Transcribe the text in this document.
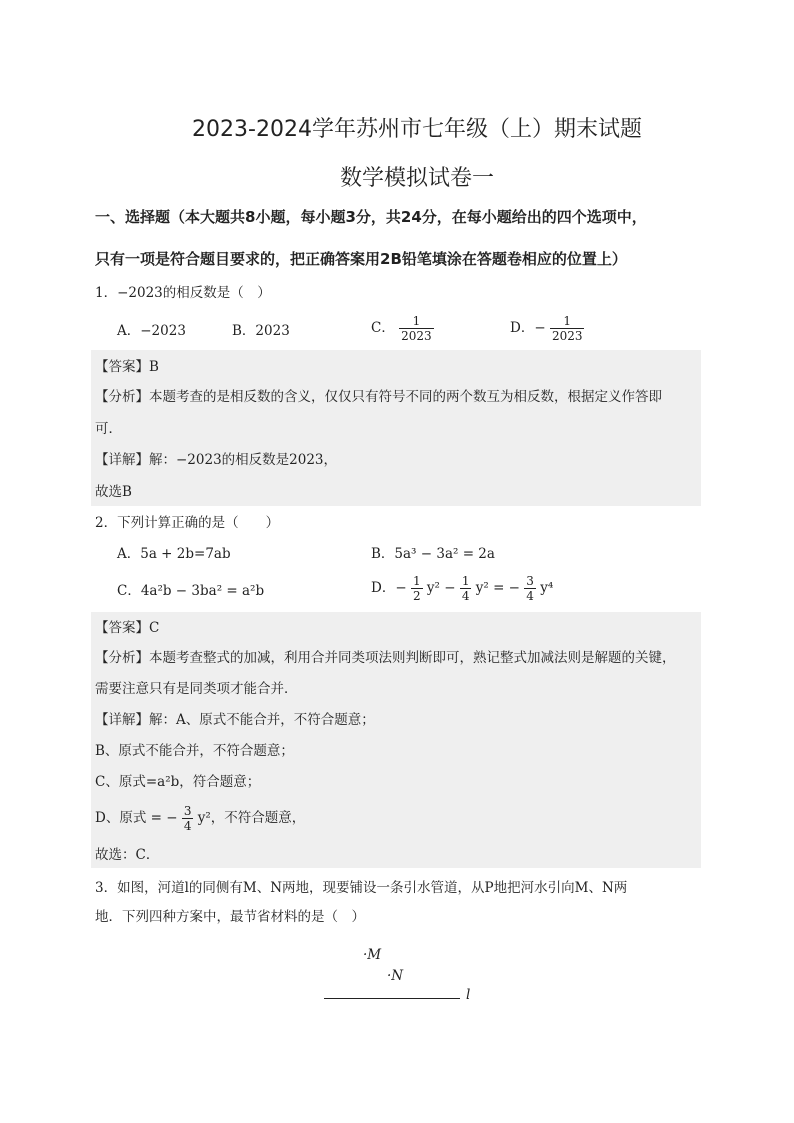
2023-2024学年苏州市七年级（上）期末试题
数学模拟试卷一
一、选择题（本大题共8小题，每小题3分，共24分，在每小题给出的四个选项中，
只有一项是符合题目要求的，把正确答案用2B铅笔填涂在答题卷相应的位置上）
1．−2023的相反数是（　）
A．−2023	B．2023	C． $\frac{1}{2023}$	D．− $\frac{1}{2023}$
【答案】B
【分析】本题考查的是相反数的含义，仅仅只有符号不同的两个数互为相反数，根据定义作答即
可．
【详解】解：−2023的相反数是2023，
故选B
2．下列计算正确的是（　　）
A．5a + 2b=7ab	B．5a³ − 3a² = 2a
C．4a²b − 3ba² = a²b	D．− $\frac{1}{2} y^2 - \frac{1}{4} y^2$ = − $\frac{3}{4} y^4$
【答案】C
【分析】本题考查整式的加减，利用合并同类项法则判断即可，熟记整式加减法则是解题的关键，
需要注意只有是同类项才能合并．
【详解】解：A、原式不能合并，不符合题意；
B、原式不能合并，不符合题意；
C、原式=a²b，符合题意；
D、原式 = − $\frac{3}{4} y^2$，不符合题意，
故选：C．
3．如图，河道l的同侧有M、N两地，现要铺设一条引水管道，从P地把河水引向M、N两
地．下列四种方案中，最节省材料的是（　）
·M
·N
l
